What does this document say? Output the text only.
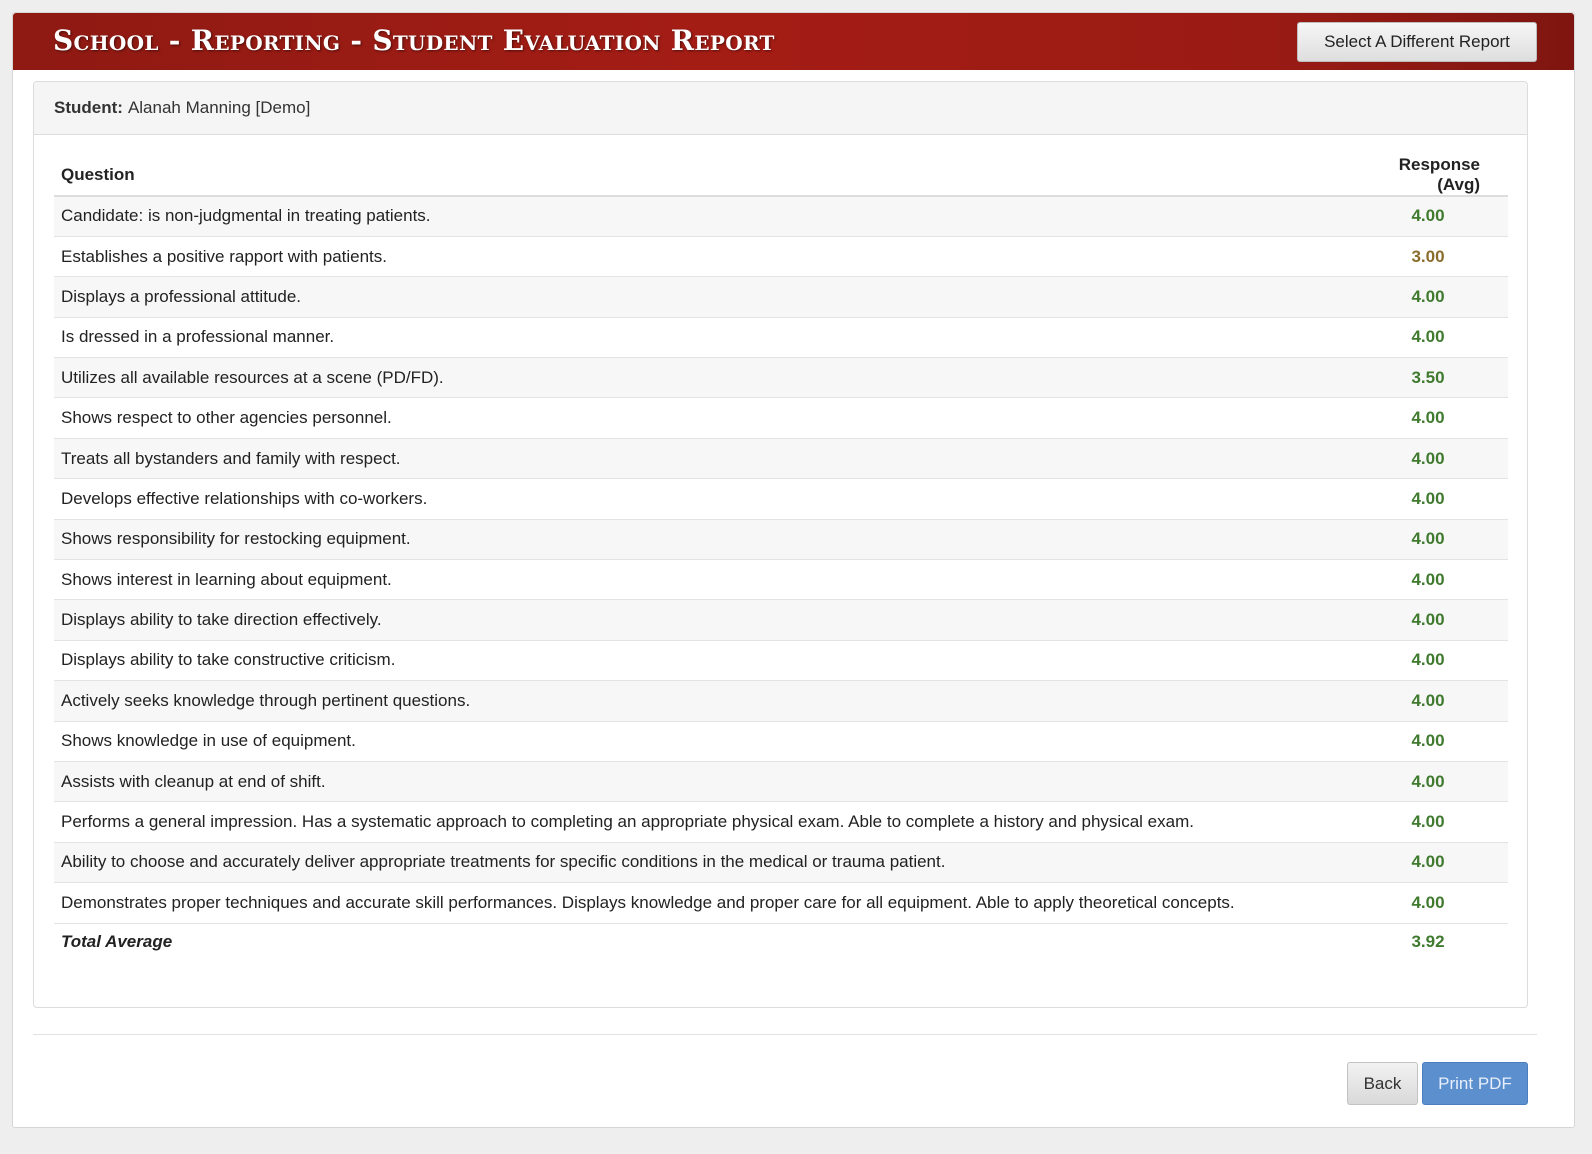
School - Reporting - Student Evaluation Report	Select A Different Report
Student: Alanah Manning [Demo]
Question	Response (Avg)
Candidate: is non-judgmental in treating patients.	4.00
Establishes a positive rapport with patients.	3.00
Displays a professional attitude.	4.00
Is dressed in a professional manner.	4.00
Utilizes all available resources at a scene (PD/FD).	3.50
Shows respect to other agencies personnel.	4.00
Treats all bystanders and family with respect.	4.00
Develops effective relationships with co-workers.	4.00
Shows responsibility for restocking equipment.	4.00
Shows interest in learning about equipment.	4.00
Displays ability to take direction effectively.	4.00
Displays ability to take constructive criticism.	4.00
Actively seeks knowledge through pertinent questions.	4.00
Shows knowledge in use of equipment.	4.00
Assists with cleanup at end of shift.	4.00
Performs a general impression. Has a systematic approach to completing an appropriate physical exam. Able to complete a history and physical exam.	4.00
Ability to choose and accurately deliver appropriate treatments for specific conditions in the medical or trauma patient.	4.00
Demonstrates proper techniques and accurate skill performances. Displays knowledge and proper care for all equipment. Able to apply theoretical concepts.	4.00
Total Average	3.92
Back	Print PDF
